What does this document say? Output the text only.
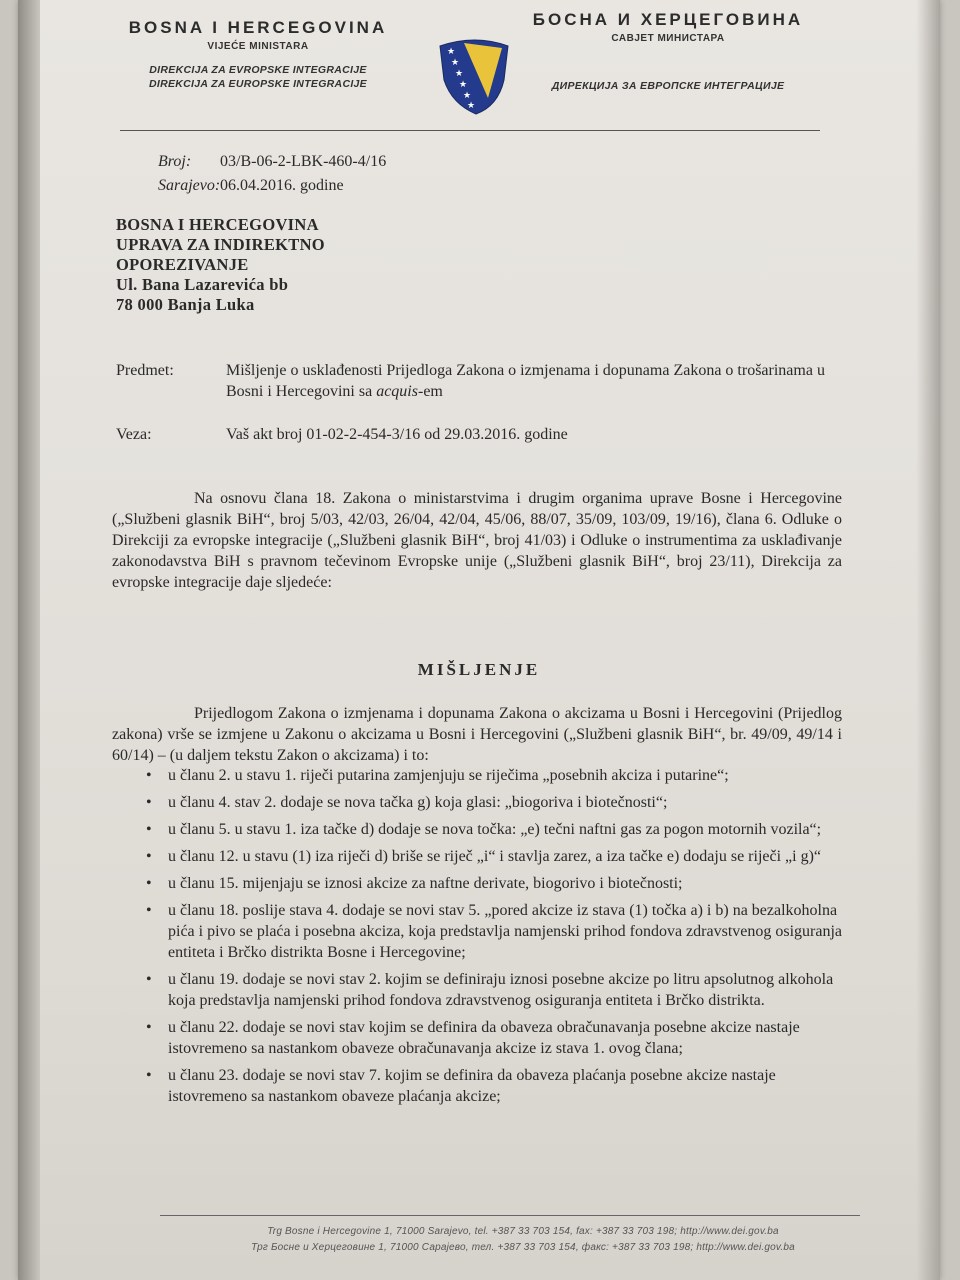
BOSNA I HERCEGOVINA
VIJEĆE MINISTARA
DIREKCIJA ZA EVROPSKE INTEGRACIJE
DIREKCIJA ZA EUROPSKE INTEGRACIJE
★
★
★
★
★
★
БОСНА И ХЕРЦЕГОВИНА
САВЈЕТ МИНИСТАРА
ДИРЕКЦИЈА ЗА ЕВРОПСКЕ ИНТЕГРАЦИЈЕ
Broj: 03/B-06-2-LBK-460-4/16
Sarajevo: 06.04.2016. godine
BOSNA I HERCEGOVINA
UPRAVA ZA INDIREKTNO
OPOREZIVANJE
Ul. Bana Lazarevića bb
78 000 Banja Luka
Predmet:	Mišljenje o usklađenosti Prijedloga Zakona o izmjenama i dopunama Zakona o trošarinama u Bosni i Hercegovini sa acquis-em
Veza:	Vaš akt broj 01-02-2-454-3/16 od 29.03.2016. godine
Na osnovu člana 18. Zakona o ministarstvima i drugim organima uprave Bosne i Hercegovine („Službeni glasnik BiH“, broj 5/03, 42/03, 26/04, 42/04, 45/06, 88/07, 35/09, 103/09, 19/16), člana 6. Odluke o Direkciji za evropske integracije („Službeni glasnik BiH“, broj 41/03) i Odluke o instrumentima za usklađivanje zakonodavstva BiH s pravnom tečevinom Evropske unije („Službeni glasnik BiH“, broj 23/11), Direkcija za evropske integracije daje sljedeće:
MIŠLJENJE
Prijedlogom Zakona o izmjenama i dopunama Zakona o akcizama u Bosni i Hercegovini (Prijedlog zakona) vrše se izmjene u Zakonu o akcizama u Bosni i Hercegovini („Službeni glasnik BiH“, br. 49/09, 49/14 i 60/14) – (u daljem tekstu Zakon o akcizama) i to:
• u članu 2. u stavu 1. riječi putarina zamjenjuju se riječima „posebnih akciza i putarine“;
• u članu 4. stav 2. dodaje se nova tačka g) koja glasi: „biogoriva i biotečnosti“;
• u članu 5. u stavu 1. iza tačke d) dodaje se nova točka: „e) tečni naftni gas za pogon motornih vozila“;
• u članu 12. u stavu (1) iza riječi d) briše se riječ „i“ i stavlja zarez, a iza tačke e) dodaju se riječi „i g)“
• u članu 15. mijenjaju se iznosi akcize za naftne derivate, biogorivo i biotečnosti;
• u članu 18. poslije stava 4. dodaje se novi stav 5. „pored akcize iz stava (1) točka a) i b) na bezalkoholna pića i pivo se plaća i posebna akciza, koja predstavlja namjenski prihod fondova zdravstvenog osiguranja entiteta i Brčko distrikta Bosne i Hercegovine;
• u članu 19. dodaje se novi stav 2. kojim se definiraju iznosi posebne akcize po litru apsolutnog alkohola koja predstavlja namjenski prihod fondova zdravstvenog osiguranja entiteta i Brčko distrikta.
• u članu 22. dodaje se novi stav kojim se definira da obaveza obračunavanja posebne akcize nastaje istovremeno sa nastankom obaveze obračunavanja akcize iz stava 1. ovog člana;
• u članu 23. dodaje se novi stav 7. kojim se definira da obaveza plaćanja posebne akcize nastaje istovremeno sa nastankom obaveze plaćanja akcize;
Trg Bosne i Hercegovine 1, 71000 Sarajevo, tel. +387 33 703 154, fax: +387 33 703 198; http://www.dei.gov.ba
Трг Босне и Херцеговине 1, 71000 Сарајево, тел. +387 33 703 154, факс: +387 33 703 198; http://www.dei.gov.ba
